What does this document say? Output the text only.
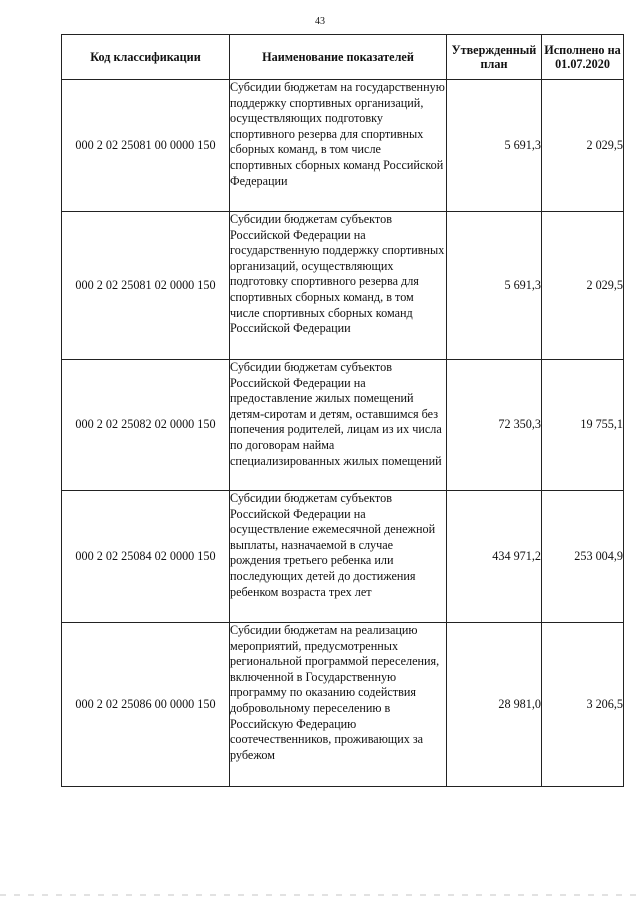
43
Код классификации	Наименование показателей	Утвержденный план	Исполнено на 01.07.2020
000 2 02 25081 00 0000 150	Субсидии бюджетам на государственную поддержку спортивных организаций, осуществляющих подготовку спортивного резерва для спортивных сборных команд, в том числе спортивных сборных команд Российской Федерации	5 691,3	2 029,5
000 2 02 25081 02 0000 150	Субсидии бюджетам субъектов Российской Федерации на государственную поддержку спортивных организаций, осуществляющих подготовку спортивного резерва для спортивных сборных команд, в том числе спортивных сборных команд Российской Федерации	5 691,3	2 029,5
000 2 02 25082 02 0000 150	Субсидии бюджетам субъектов Российской Федерации на предоставление жилых помещений детям-сиротам и детям, оставшимся без попечения родителей, лицам из их числа по договорам найма специализированных жилых помещений	72 350,3	19 755,1
000 2 02 25084 02 0000 150	Субсидии бюджетам субъектов Российской Федерации на осуществление ежемесячной денежной выплаты, назначаемой в случае рождения третьего ребенка или последующих детей до достижения ребенком возраста трех лет	434 971,2	253 004,9
000 2 02 25086 00 0000 150	Субсидии бюджетам на реализацию мероприятий, предусмотренных региональной программой переселения, включенной в Государственную программу по оказанию содействия добровольному переселению в Российскую Федерацию соотечественников, проживающих за рубежом	28 981,0	3 206,5
